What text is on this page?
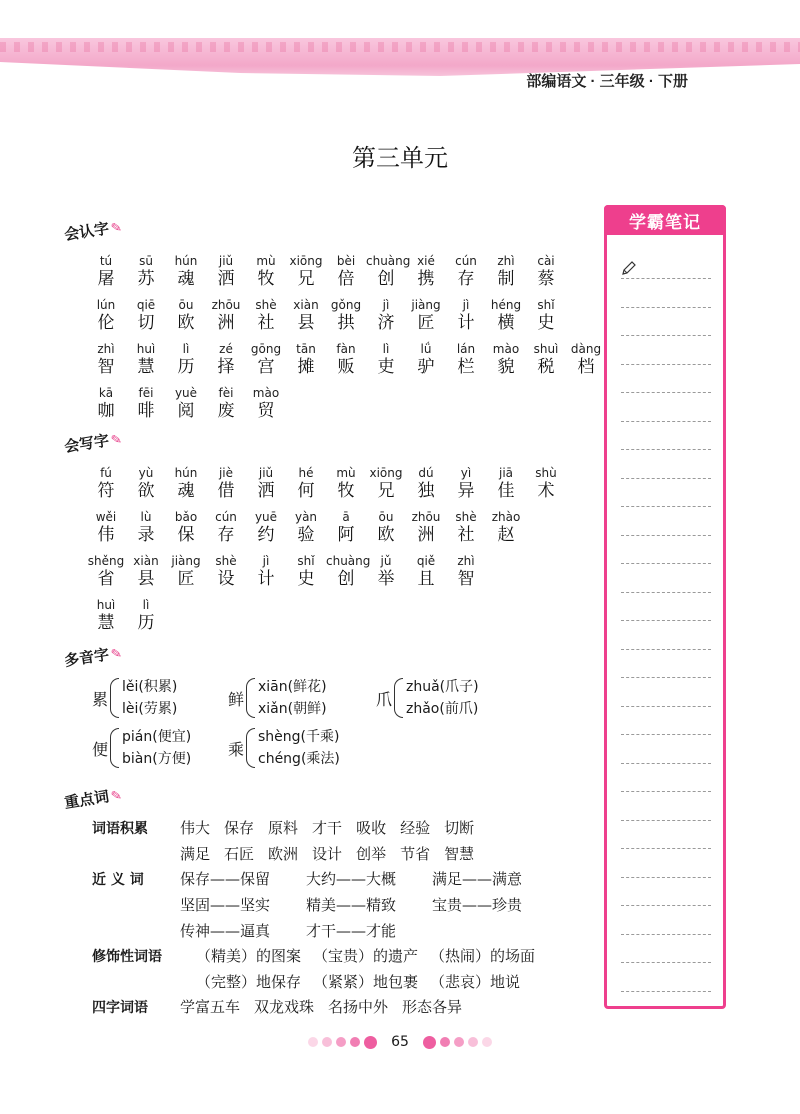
部编语文 · 三年级 · 下册
第三单元
会认字✎
tú
屠
sū
苏
hún
魂
jiǔ
洒
mù
牧
xiōng
兄
bèi
倍
chuàng
创
xié
携
cún
存
zhì
制
cài
蔡
lún
伦
qiē
切
ōu
欧
zhōu
洲
shè
社
xiàn
县
gǒng
拱
jì
济
jiàng
匠
jì
计
héng
横
shǐ
史
zhì
智
huì
慧
lì
历
zé
择
gōng
宫
tān
摊
fàn
贩
lì
吏
lǘ
驴
lán
栏
mào
貌
shuì
税
dàng
档
kā
咖
fēi
啡
yuè
阅
fèi
废
mào
贸
会写字✎
fú
符
yù
欲
hún
魂
jiè
借
jiǔ
洒
hé
何
mù
牧
xiōng
兄
dú
独
yì
异
jiā
佳
shù
术
wěi
伟
lù
录
bǎo
保
cún
存
yuē
约
yàn
验
ā
阿
ōu
欧
zhōu
洲
shè
社
zhào
赵
shěng
省
xiàn
县
jiàng
匠
shè
设
jì
计
shǐ
史
chuàng
创
jǔ
举
qiě
且
zhì
智
huì
慧
lì
历
多音字✎
累
lěi(积累)
lèi(劳累)
鲜
xiān(鲜花)
xiǎn(朝鲜)
爪
zhuǎ(爪子)
zhǎo(前爪)
便
pián(便宜)
biàn(方便)
乘
shèng(千乘)
chéng(乘法)
重点词✎
词语积累 伟大 保存 原料 才干 吸收 经验 切断
满足 石匠 欧洲 设计 创举 节省 智慧
近 义 词 保存——保留 大约——大概 满足——满意
坚固——坚实 精美——精致 宝贵——珍贵
传神——逼真 才干——才能
修饰性词语 （精美）的图案 （宝贵）的遗产 （热闹）的场面
（完整）地保存 （紧紧）地包裹 （悲哀）地说
四字词语 学富五车 双龙戏珠 名扬中外 形态各异
学霸笔记
65
